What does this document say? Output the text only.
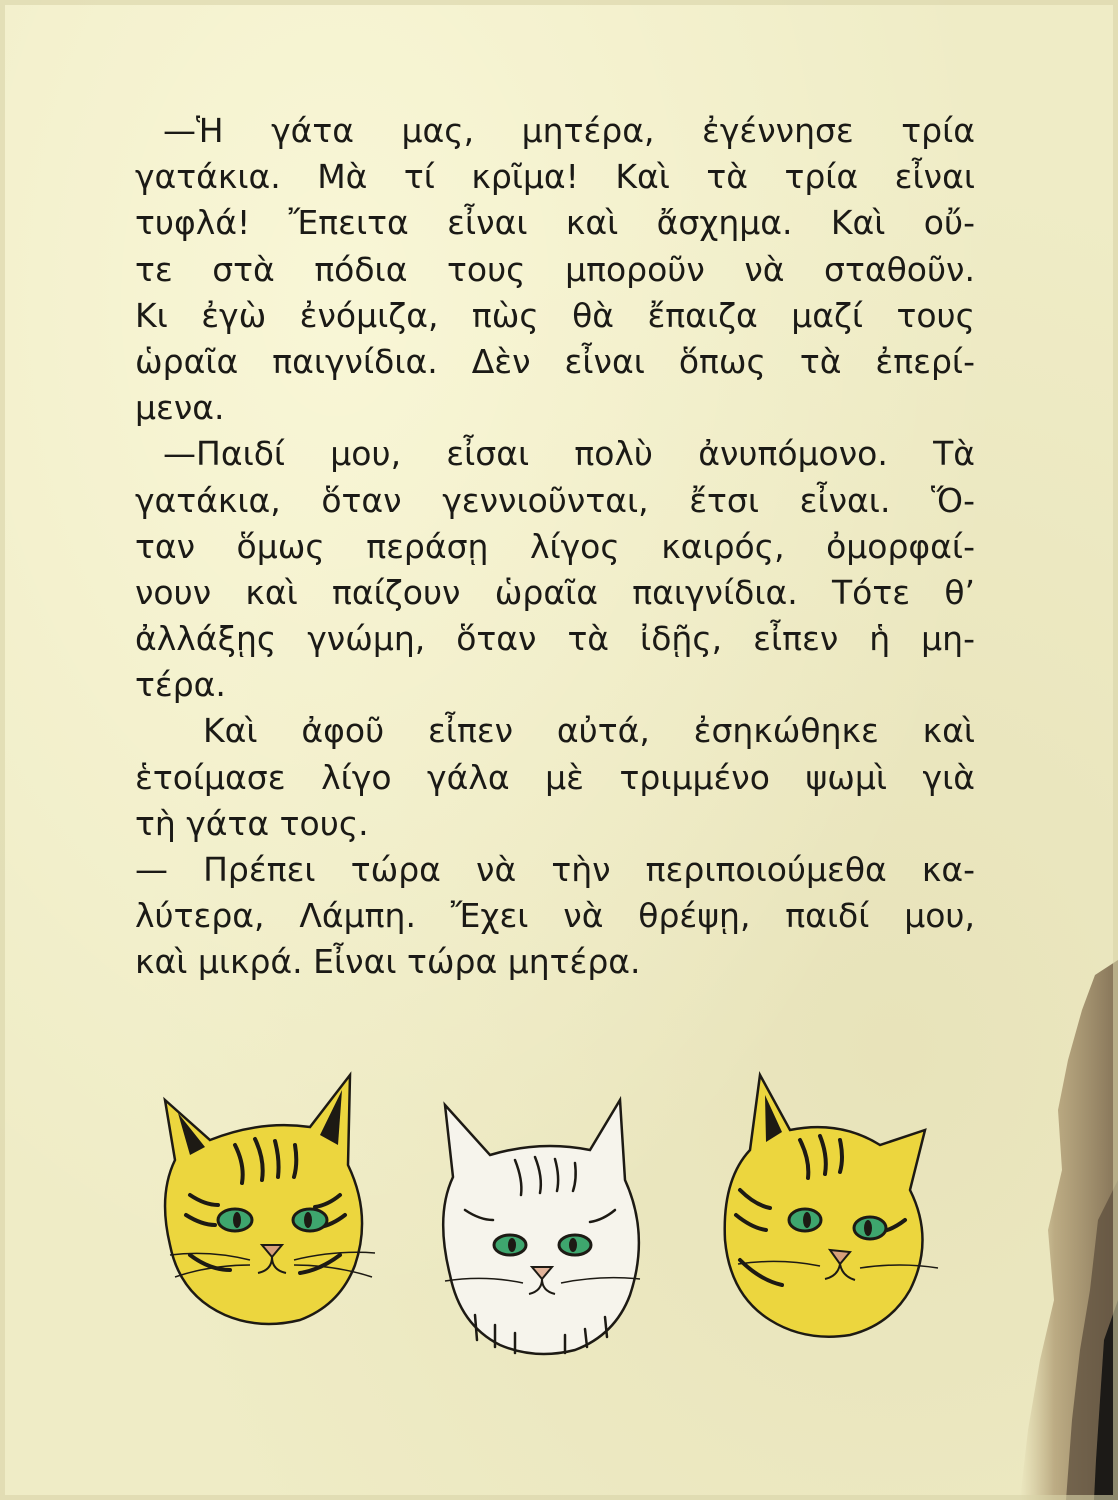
—Ἡ γάτα μας, μητέρα, ἐγέννησε τρία
γατάκια. Μὰ τί κρῖμα! Καὶ τὰ τρία εἶναι
τυφλά! Ἔπειτα εἶναι καὶ ἄσχημα. Καὶ οὔ-
τε στὰ πόδια τους μποροῦν νὰ σταθοῦν.
Κι ἐγὼ ἐνόμιζα, πὼς θὰ ἔπαιζα μαζί τους
ὡραῖα παιγνίδια. Δὲν εἶναι ὅπως τὰ ἐπερί-
μενα.
—Παιδί μου, εἶσαι πολὺ ἀνυπόμονο. Τὰ
γατάκια, ὅταν γεννιοῦνται, ἔτσι εἶναι. Ὅ-
ταν ὅμως περάσῃ λίγος καιρός, ὀμορφαί-
νουν καὶ παίζουν ὡραῖα παιγνίδια. Τότε θ’
ἀλλάξῃς γνώμη, ὅταν τὰ ἰδῇς, εἶπεν ἡ μη-
τέρα.
Καὶ ἀφοῦ εἶπεν αὐτά, ἐσηκώθηκε καὶ
ἑτοίμασε λίγο γάλα μὲ τριμμένο ψωμὶ γιὰ
τὴ γάτα τους.
— Πρέπει τώρα νὰ τὴν περιποιούμεθα κα-
λύτερα, Λάμπη. Ἔχει νὰ θρέψῃ, παιδί μου,
καὶ μικρά. Εἶναι τώρα μητέρα.
